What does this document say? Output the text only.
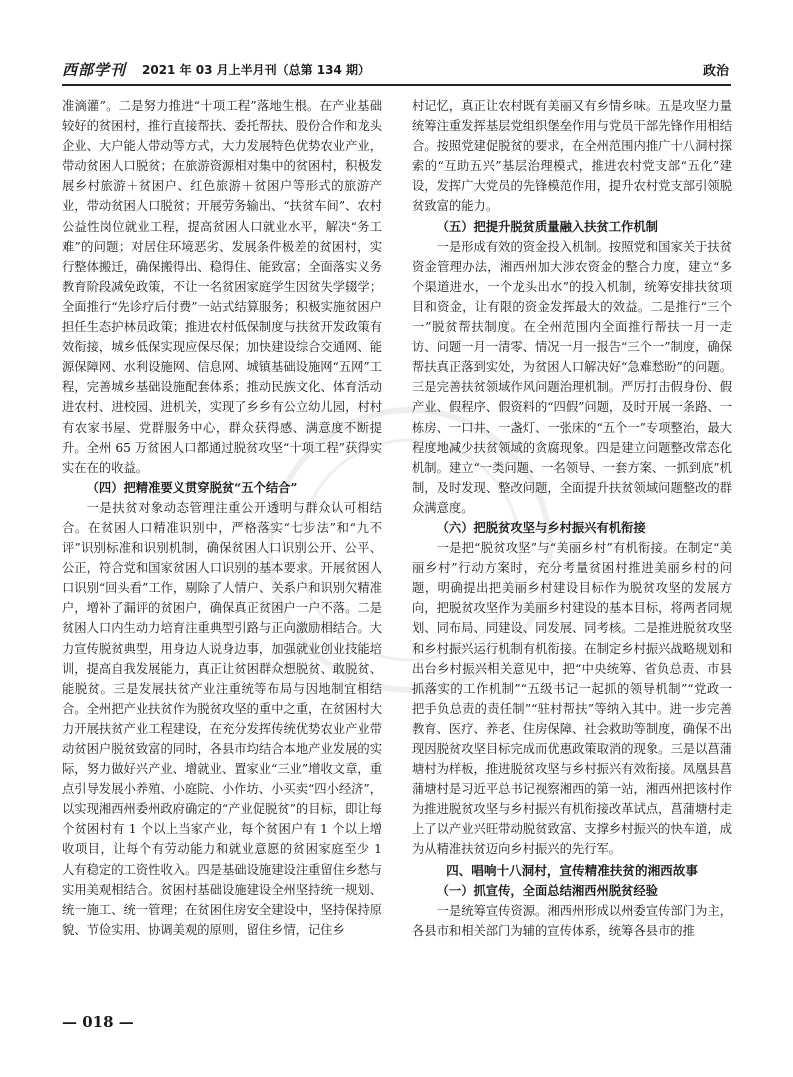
西部学刊 2021 年 03 月上半月刊（总第 134 期）	政治

准滴灌”。二是努力推进“十项工程”落地生根。在产业基础较好的贫困村，推行直接帮扶、委托帮扶、股份合作和龙头企业、大户能人带动等方式，大力发展特色优势农业产业，带动贫困人口脱贫；在旅游资源相对集中的贫困村，积极发展乡村旅游＋贫困户、红色旅游＋贫困户等形式的旅游产业，带动贫困人口脱贫；开展劳务输出、“扶贫车间”、农村公益性岗位就业工程，提高贫困人口就业水平，解决“务工难”的问题；对居住环境恶劣、发展条件极差的贫困村，实行整体搬迁，确保搬得出、稳得住、能致富；全面落实义务教育阶段减免政策，不让一名贫困家庭学生因贫失学辍学；全面推行“先诊疗后付费”一站式结算服务；积极实施贫困户担任生态护林员政策；推进农村低保制度与扶贫开发政策有效衔接，城乡低保实现应保尽保；加快建设综合交通网、能源保障网、水利设施网、信息网、城镇基础设施网“五网”工程，完善城乡基础设施配套体系；推动民族文化、体育活动进农村、进校园、进机关，实现了乡乡有公立幼儿园，村村有农家书屋、党群服务中心，群众获得感、满意度不断提升。全州 65 万贫困人口都通过脱贫攻坚“十项工程”获得实实在在的收益。

（四）把精准要义贯穿脱贫“五个结合”

一是扶贫对象动态管理注重公开透明与群众认可相结合。在贫困人口精准识别中，严格落实“七步法”和“九不评”识别标准和识别机制，确保贫困人口识别公开、公平、公正，符合党和国家贫困人口识别的基本要求。开展贫困人口识别“回头看”工作，剔除了人情户、关系户和识别欠精准户，增补了漏评的贫困户，确保真正贫困户一户不落。二是贫困人口内生动力培育注重典型引路与正向激励相结合。大力宣传脱贫典型，用身边人说身边事，加强就业创业技能培训，提高自我发展能力，真正让贫困群众想脱贫、敢脱贫、能脱贫。三是发展扶贫产业注重统等布局与因地制宜相结合。全州把产业扶贫作为脱贫攻坚的重中之重，在贫困村大力开展扶贫产业工程建设，在充分发挥传统优势农业产业带动贫困户脱贫致富的同时，各县市均结合本地产业发展的实际，努力做好兴产业、增就业、置家业“三业”增收文章，重点引导发展小养殖、小庭院、小作坊、小买卖“四小经济”，以实现湘西州委州政府确定的“产业促脱贫”的目标，即让每个贫困村有 1 个以上当家产业，每个贫困户有 1 个以上增收项目，让每个有劳动能力和就业意愿的贫困家庭至少 1 人有稳定的工资性收入。四是基础设施建设注重留住乡愁与实用美观相结合。贫困村基础设施建设全州坚持统一规划、统一施工、统一管理；在贫困住房安全建设中，坚持保持原貌、节俭实用、协调美观的原则，留住乡情，记住乡

村记忆，真正让农村既有美丽又有乡情乡味。五是攻坚力量统筹注重发挥基层党组织堡垒作用与党员干部先锋作用相结合。按照党建促脱贫的要求，在全州范围内推广十八洞村探索的“互助五兴”基层治理模式，推进农村党支部“五化”建设，发挥广大党员的先锋模范作用，提升农村党支部引领脱贫致富的能力。

（五）把提升脱贫质量融入扶贫工作机制

一是形成有效的资金投入机制。按照党和国家关于扶贫资金管理办法，湘西州加大涉农资金的整合力度，建立“多个渠道进水，一个龙头出水”的投入机制，统筹安排扶贫项目和资金，让有限的资金发挥最大的效益。二是推行“三个一”脱贫帮扶制度。在全州范围内全面推行帮扶一月一走访、问题一月一清零、情况一月一报告“三个一”制度，确保帮扶真正落到实处，为贫困人口解决好“急难愁盼”的问题。三是完善扶贫领域作风问题治理机制。严厉打击假身份、假产业、假程序、假资料的“四假”问题，及时开展一条路、一栋房、一口井、一盏灯、一张床的“五个一”专项整治，最大程度地减少扶贫领域的贪腐现象。四是建立问题整改常态化机制。建立“一类问题、一名领导、一套方案、一抓到底”机制，及时发现、整改问题，全面提升扶贫领域问题整改的群众满意度。

（六）把脱贫攻坚与乡村振兴有机衔接

一是把“脱贫攻坚”与“美丽乡村”有机衔接。在制定“美丽乡村”行动方案时，充分考量贫困村推进美丽乡村的问题，明确提出把美丽乡村建设目标作为脱贫攻坚的发展方向，把脱贫攻坚作为美丽乡村建设的基本目标，将两者同规划、同布局、同建设、同发展、同考核。二是推进脱贫攻坚和乡村振兴运行机制有机衔接。在制定乡村振兴战略规划和出台乡村振兴相关意见中，把“中央统筹、省负总责、市县抓落实的工作机制”“五级书记一起抓的领导机制”“党政一把手负总责的责任制”“驻村帮扶”等纳入其中。进一步完善教育、医疗、养老、住房保障、社会救助等制度，确保不出现因脱贫攻坚目标完成而优惠政策取消的现象。三是以菖蒲塘村为样板，推进脱贫攻坚与乡村振兴有效衔接。凤凰县菖蒲塘村是习近平总书记视察湘西的第一站，湘西州把该村作为推进脱贫攻坚与乡村振兴有机衔接改革试点，菖蒲塘村走上了以产业兴旺带动脱贫致富、支撑乡村振兴的快车道，成为从精准扶贫迈向乡村振兴的先行军。

四、唱响十八洞村，宣传精准扶贫的湘西故事
（一）抓宣传，全面总结湘西州脱贫经验

一是统筹宣传资源。湘西州形成以州委宣传部门为主，各县市和相关部门为辅的宣传体系，统筹各县市的推

— 018 —
